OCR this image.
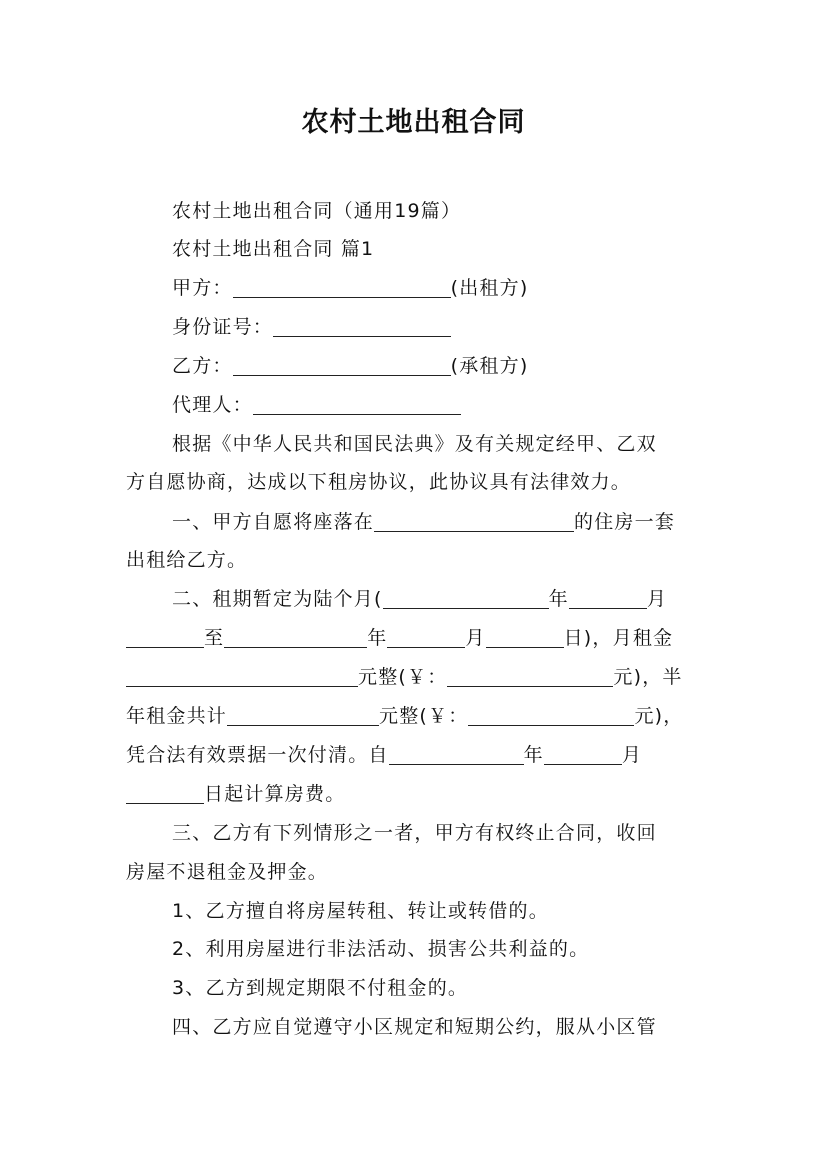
农村土地出租合同
农村土地出租合同（通用19篇）
农村土地出租合同 篇1
甲方：	(出租方)
身份证号：
乙方：	(承租方)
代理人：
根据《中华人民共和国民法典》及有关规定经甲、乙双
方自愿协商，达成以下租房协议，此协议具有法律效力。
一、甲方自愿将座落在	的住房一套
出租给乙方。
二、租期暂定为陆个月(	年	月
至	年	月	日)，月租金
元整(￥：	元)，半
年租金共计	元整(￥：	元)，
凭合法有效票据一次付清。自	年	月
日起计算房费。
三、乙方有下列情形之一者，甲方有权终止合同，收回
房屋不退租金及押金。
1、乙方擅自将房屋转租、转让或转借的。
2、利用房屋进行非法活动、损害公共利益的。
3、乙方到规定期限不付租金的。
四、乙方应自觉遵守小区规定和短期公约，服从小区管
